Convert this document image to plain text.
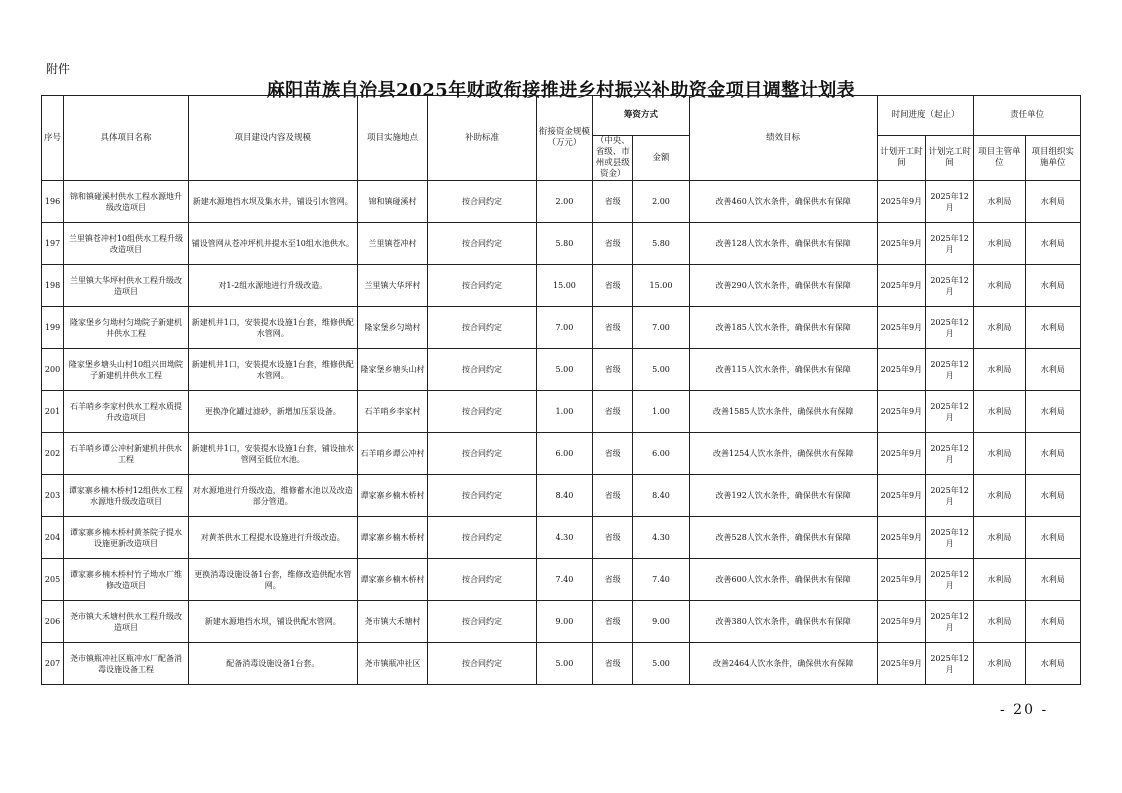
附件
麻阳苗族自治县2025年财政衔接推进乡村振兴补助资金项目调整计划表
序号	具体项目名称	项目建设内容及规模	项目实施地点	补助标准	衔接资金规模（万元）	筹资方式		绩效目标	时间进度（起止）		责任单位	
						（中央、省级、市州或县级资金）	金额		计划开工时间	计划完工时间	项目主管单位	项目组织实施单位
196	锦和镇碰溪村供水工程水源地升级改造项目	新建水源地挡水坝及集水井，铺设引水管网。	锦和镇碰溪村	按合同约定	2.00	省级	2.00	改善460人饮水条件，确保供水有保障	2025年9月	2025年12月	水利局	水利局
197	兰里镇苍冲村10组供水工程升级改造项目	铺设管网从苍冲坪机井提水至10组水池供水。	兰里镇苍冲村	按合同约定	5.80	省级	5.80	改善128人饮水条件，确保供水有保障	2025年9月	2025年12月	水利局	水利局
198	兰里镇大华坪村供水工程升级改造项目	对1-2组水源地进行升级改造。	兰里镇大华坪村	按合同约定	15.00	省级	15.00	改善290人饮水条件，确保供水有保障	2025年9月	2025年12月	水利局	水利局
199	隆家堡乡匀坳村匀坳院子新建机井供水工程	新建机井1口，安装提水设施1台套，维修供配水管网。	隆家堡乡匀坳村	按合同约定	7.00	省级	7.00	改善185人饮水条件，确保供水有保障	2025年9月	2025年12月	水利局	水利局
200	隆家堡乡塘头山村10组兴田坳院子新建机井供水工程	新建机井1口，安装提水设施1台套，维修供配水管网。	隆家堡乡塘头山村	按合同约定	5.00	省级	5.00	改善115人饮水条件，确保供水有保障	2025年9月	2025年12月	水利局	水利局
201	石羊哨乡李家村供水工程水质提升改造项目	更换净化罐过滤砂，新增加压泵设备。	石羊哨乡李家村	按合同约定	1.00	省级	1.00	改善1585人饮水条件，确保供水有保障	2025年9月	2025年12月	水利局	水利局
202	石羊哨乡谭公冲村新建机井供水工程	新建机井1口，安装提水设施1台套，铺设抽水管网至低位水池。	石羊哨乡谭公冲村	按合同约定	6.00	省级	6.00	改善1254人饮水条件，确保供水有保障	2025年9月	2025年12月	水利局	水利局
203	谭家寨乡楠木桥村12组供水工程水源地升级改造项目	对水源地进行升级改造，维修蓄水池以及改造部分管道。	谭家寨乡楠木桥村	按合同约定	8.40	省级	8.40	改善192人饮水条件，确保供水有保障	2025年9月	2025年12月	水利局	水利局
204	谭家寨乡楠木桥村黄茶院子提水设施更新改造项目	对黄茶供水工程提水设施进行升级改造。	谭家寨乡楠木桥村	按合同约定	4.30	省级	4.30	改善528人饮水条件，确保供水有保障	2025年9月	2025年12月	水利局	水利局
205	谭家寨乡楠木桥村竹子坳水厂维修改造项目	更换消毒设施设备1台套，维修改造供配水管网。	谭家寨乡楠木桥村	按合同约定	7.40	省级	7.40	改善600人饮水条件，确保供水有保障	2025年9月	2025年12月	水利局	水利局
206	尧市镇大禾塘村供水工程升级改造项目	新建水源地挡水坝，铺设供配水管网。	尧市镇大禾塘村	按合同约定	9.00	省级	9.00	改善380人饮水条件，确保供水有保障	2025年9月	2025年12月	水利局	水利局
207	尧市镇瓶冲社区瓶冲水厂配备消毒设施设备工程	配备消毒设施设备1台套。	尧市镇瓶冲社区	按合同约定	5.00	省级	5.00	改善2464人饮水条件，确保供水有保障	2025年9月	2025年12月	水利局	水利局
- 20 -
